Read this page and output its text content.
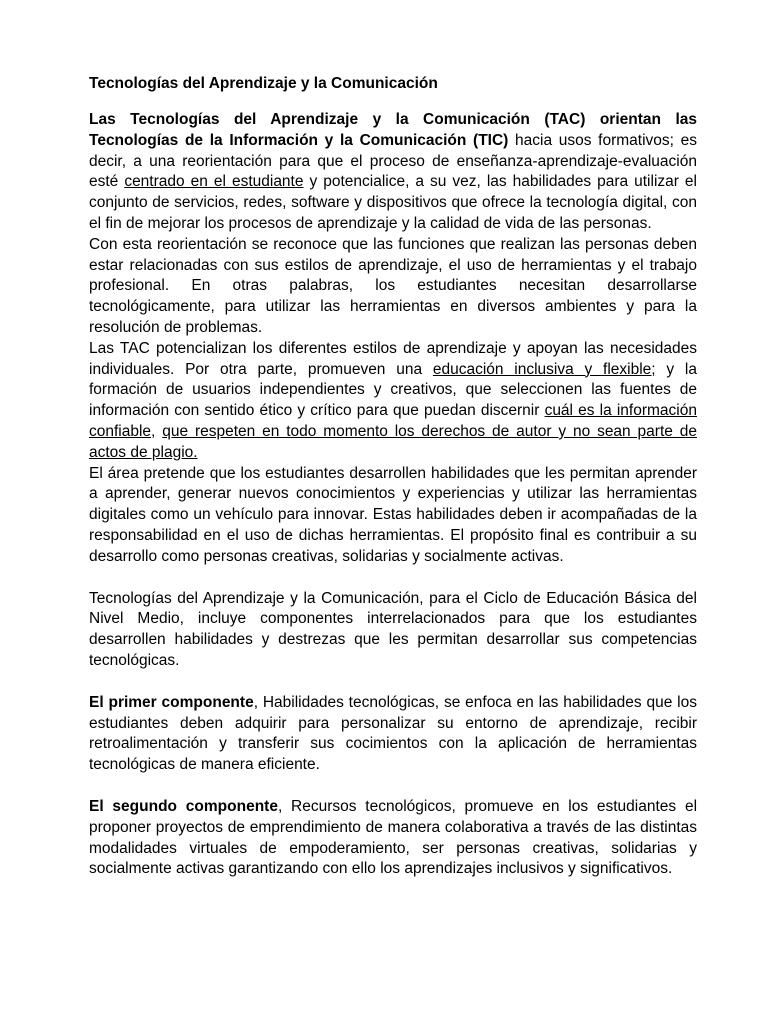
Tecnologías del Aprendizaje y la Comunicación

Las Tecnologías del Aprendizaje y la Comunicación (TAC) orientan las Tecnologías de la Información y la Comunicación (TIC) hacia usos formativos; es decir, a una reorientación para que el proceso de enseñanza-aprendizaje-evaluación esté centrado en el estudiante y potencialice, a su vez, las habilidades para utilizar el conjunto de servicios, redes, software y dispositivos que ofrece la tecnología digital, con el fin de mejorar los procesos de aprendizaje y la calidad de vida de las personas.

Con esta reorientación se reconoce que las funciones que realizan las personas deben estar relacionadas con sus estilos de aprendizaje, el uso de herramientas y el trabajo profesional. En otras palabras, los estudiantes necesitan desarrollarse tecnológicamente, para utilizar las herramientas en diversos ambientes y para la resolución de problemas.

Las TAC potencializan los diferentes estilos de aprendizaje y apoyan las necesidades individuales. Por otra parte, promueven una educación inclusiva y flexible; y la formación de usuarios independientes y creativos, que seleccionen las fuentes de información con sentido ético y crítico para que puedan discernir cuál es la información confiable, que respeten en todo momento los derechos de autor y no sean parte de actos de plagio.

El área pretende que los estudiantes desarrollen habilidades que les permitan aprender a aprender, generar nuevos conocimientos y experiencias y utilizar las herramientas digitales como un vehículo para innovar. Estas habilidades deben ir acompañadas de la responsabilidad en el uso de dichas herramientas. El propósito final es contribuir a su desarrollo como personas creativas, solidarias y socialmente activas.

Tecnologías del Aprendizaje y la Comunicación, para el Ciclo de Educación Básica del Nivel Medio, incluye componentes interrelacionados para que los estudiantes desarrollen habilidades y destrezas que les permitan desarrollar sus competencias tecnológicas.

El primer componente, Habilidades tecnológicas, se enfoca en las habilidades que los estudiantes deben adquirir para personalizar su entorno de aprendizaje, recibir retroalimentación y transferir sus cocimientos con la aplicación de herramientas tecnológicas de manera eficiente.

El segundo componente, Recursos tecnológicos, promueve en los estudiantes el proponer proyectos de emprendimiento de manera colaborativa a través de las distintas modalidades virtuales de empoderamiento, ser personas creativas, solidarias y socialmente activas garantizando con ello los aprendizajes inclusivos y significativos.
